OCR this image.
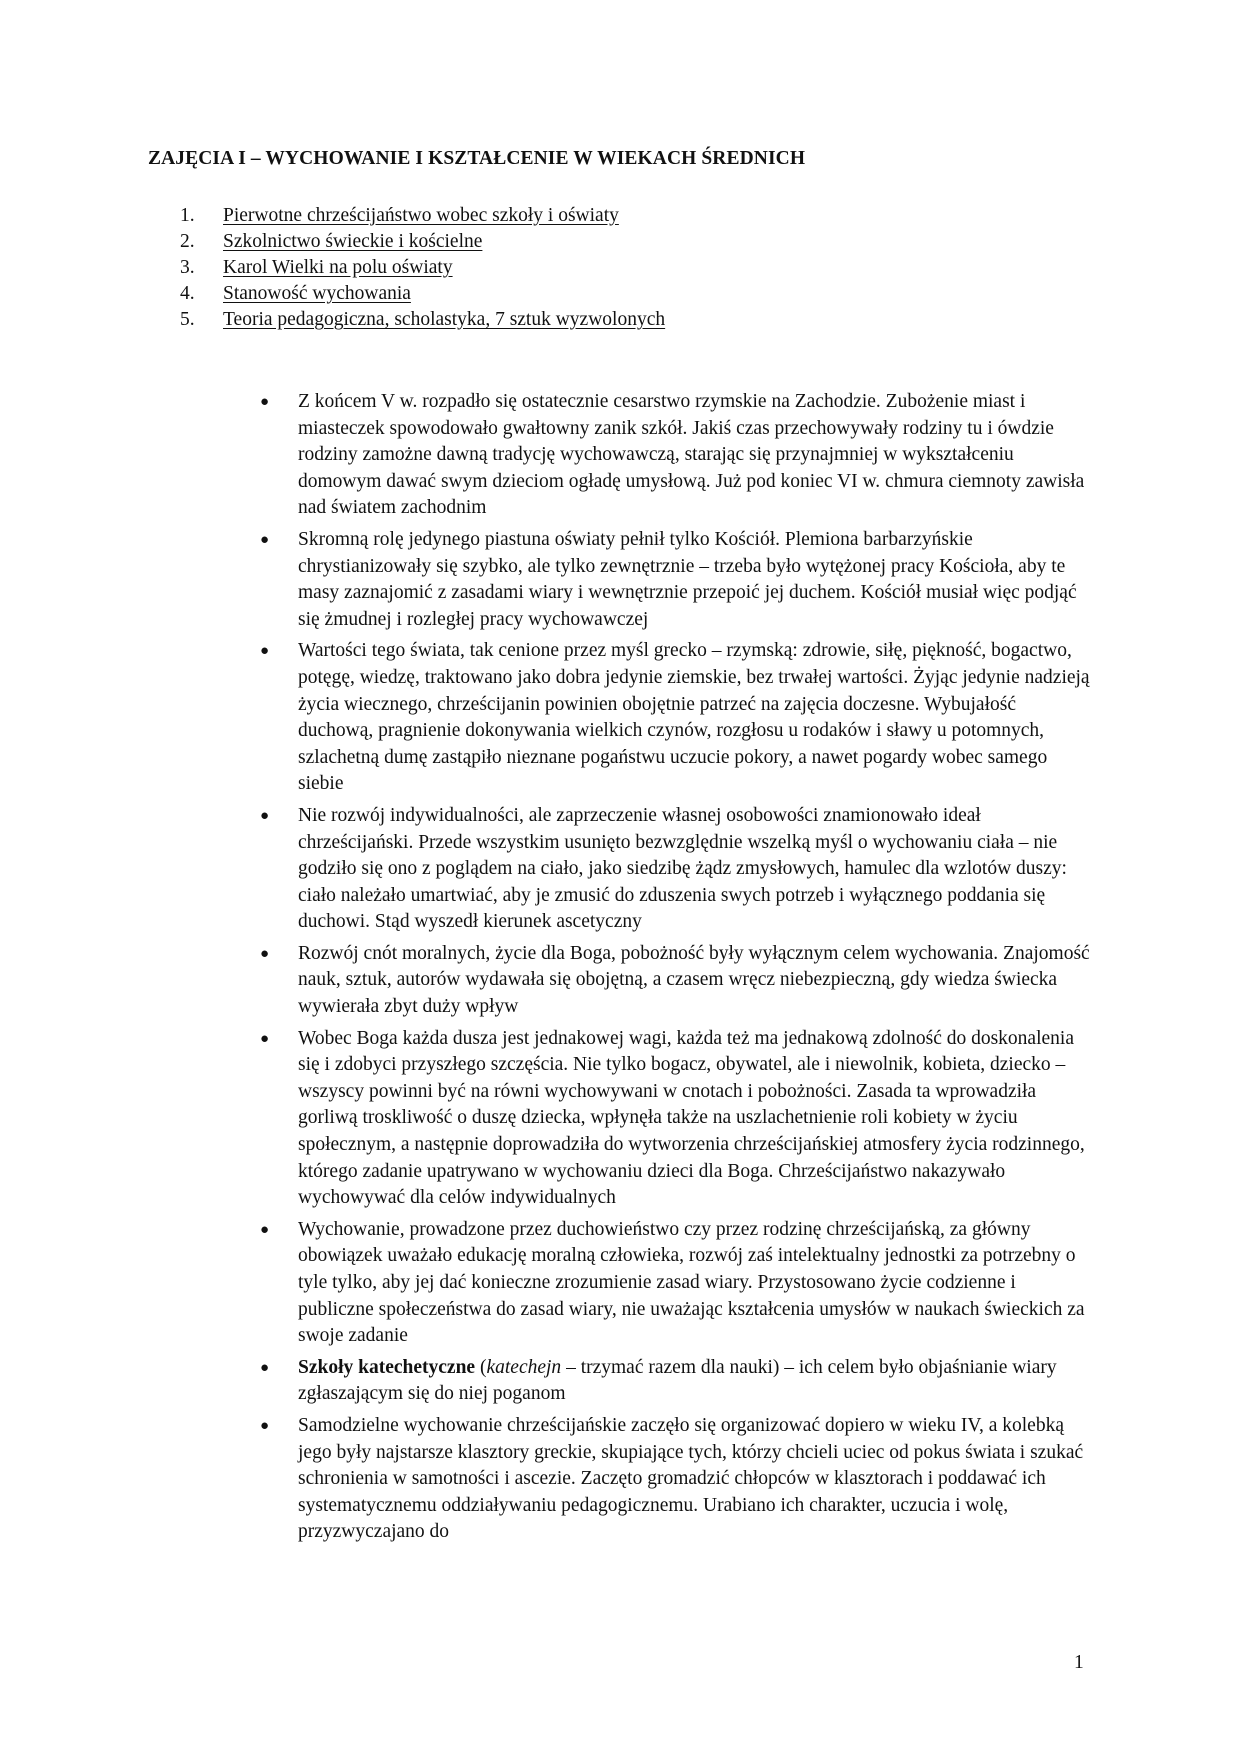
ZAJĘCIA I – WYCHOWANIE I KSZTAŁCENIE W WIEKACH ŚREDNICH
1.	Pierwotne chrześcijaństwo wobec szkoły i oświaty
2.	Szkolnictwo świeckie i kościelne
3.	Karol Wielki na polu oświaty
4.	Stanowość wychowania
5.	Teoria pedagogiczna, scholastyka, 7 sztuk wyzwolonych
● Z końcem V w. rozpadło się ostatecznie cesarstwo rzymskie na Zachodzie. Zubożenie miast i miasteczek spowodowało gwałtowny zanik szkół. Jakiś czas przechowywały rodziny tu i ówdzie rodziny zamożne dawną tradycję wychowawczą, starając się przynajmniej w wykształceniu domowym dawać swym dzieciom ogładę umysłową. Już pod koniec VI w. chmura ciemnoty zawisła nad światem zachodnim
● Skromną rolę jedynego piastuna oświaty pełnił tylko Kościół. Plemiona barbarzyńskie chrystianizowały się szybko, ale tylko zewnętrznie – trzeba było wytężonej pracy Kościoła, aby te masy zaznajomić z zasadami wiary i wewnętrznie przepoić jej duchem. Kościół musiał więc podjąć się żmudnej i rozległej pracy wychowawczej
● Wartości tego świata, tak cenione przez myśl grecko – rzymską: zdrowie, siłę, piękność, bogactwo, potęgę, wiedzę, traktowano jako dobra jedynie ziemskie, bez trwałej wartości. Żyjąc jedynie nadzieją życia wiecznego, chrześcijanin powinien obojętnie patrzeć na zajęcia doczesne. Wybujałość duchową, pragnienie dokonywania wielkich czynów, rozgłosu u rodaków i sławy u potomnych, szlachetną dumę zastąpiło nieznane pogaństwu uczucie pokory, a nawet pogardy wobec samego siebie
● Nie rozwój indywidualności, ale zaprzeczenie własnej osobowości znamionowało ideał chrześcijański. Przede wszystkim usunięto bezwzględnie wszelką myśl o wychowaniu ciała – nie godziło się ono z poglądem na ciało, jako siedzibę żądz zmysłowych, hamulec dla wzlotów duszy: ciało należało umartwiać, aby je zmusić do zduszenia swych potrzeb i wyłącznego poddania się duchowi. Stąd wyszedł kierunek ascetyczny
● Rozwój cnót moralnych, życie dla Boga, pobożność były wyłącznym celem wychowania. Znajomość nauk, sztuk, autorów wydawała się obojętną, a czasem wręcz niebezpieczną, gdy wiedza świecka wywierała zbyt duży wpływ
● Wobec Boga każda dusza jest jednakowej wagi, każda też ma jednakową zdolność do doskonalenia się i zdobyci przyszłego szczęścia. Nie tylko bogacz, obywatel, ale i niewolnik, kobieta, dziecko – wszyscy powinni być na równi wychowywani w cnotach i pobożności. Zasada ta wprowadziła gorliwą troskliwość o duszę dziecka, wpłynęła także na uszlachetnienie roli kobiety w życiu społecznym, a następnie doprowadziła do wytworzenia chrześcijańskiej atmosfery życia rodzinnego, którego zadanie upatrywano w wychowaniu dzieci dla Boga. Chrześcijaństwo nakazywało wychowywać dla celów indywidualnych
● Wychowanie, prowadzone przez duchowieństwo czy przez rodzinę chrześcijańską, za główny obowiązek uważało edukację moralną człowieka, rozwój zaś intelektualny jednostki za potrzebny o tyle tylko, aby jej dać konieczne zrozumienie zasad wiary. Przystosowano życie codzienne i publiczne społeczeństwa do zasad wiary, nie uważając kształcenia umysłów w naukach świeckich za swoje zadanie
● Szkoły katechetyczne (katechejn – trzymać razem dla nauki) – ich celem było objaśnianie wiary zgłaszającym się do niej poganom
● Samodzielne wychowanie chrześcijańskie zaczęło się organizować dopiero w wieku IV, a kolebką jego były najstarsze klasztory greckie, skupiające tych, którzy chcieli uciec od pokus świata i szukać schronienia w samotności i ascezie. Zaczęto gromadzić chłopców w klasztorach i poddawać ich systematycznemu oddziaływaniu pedagogicznemu. Urabiano ich charakter, uczucia i wolę, przyzwyczajano do
1
